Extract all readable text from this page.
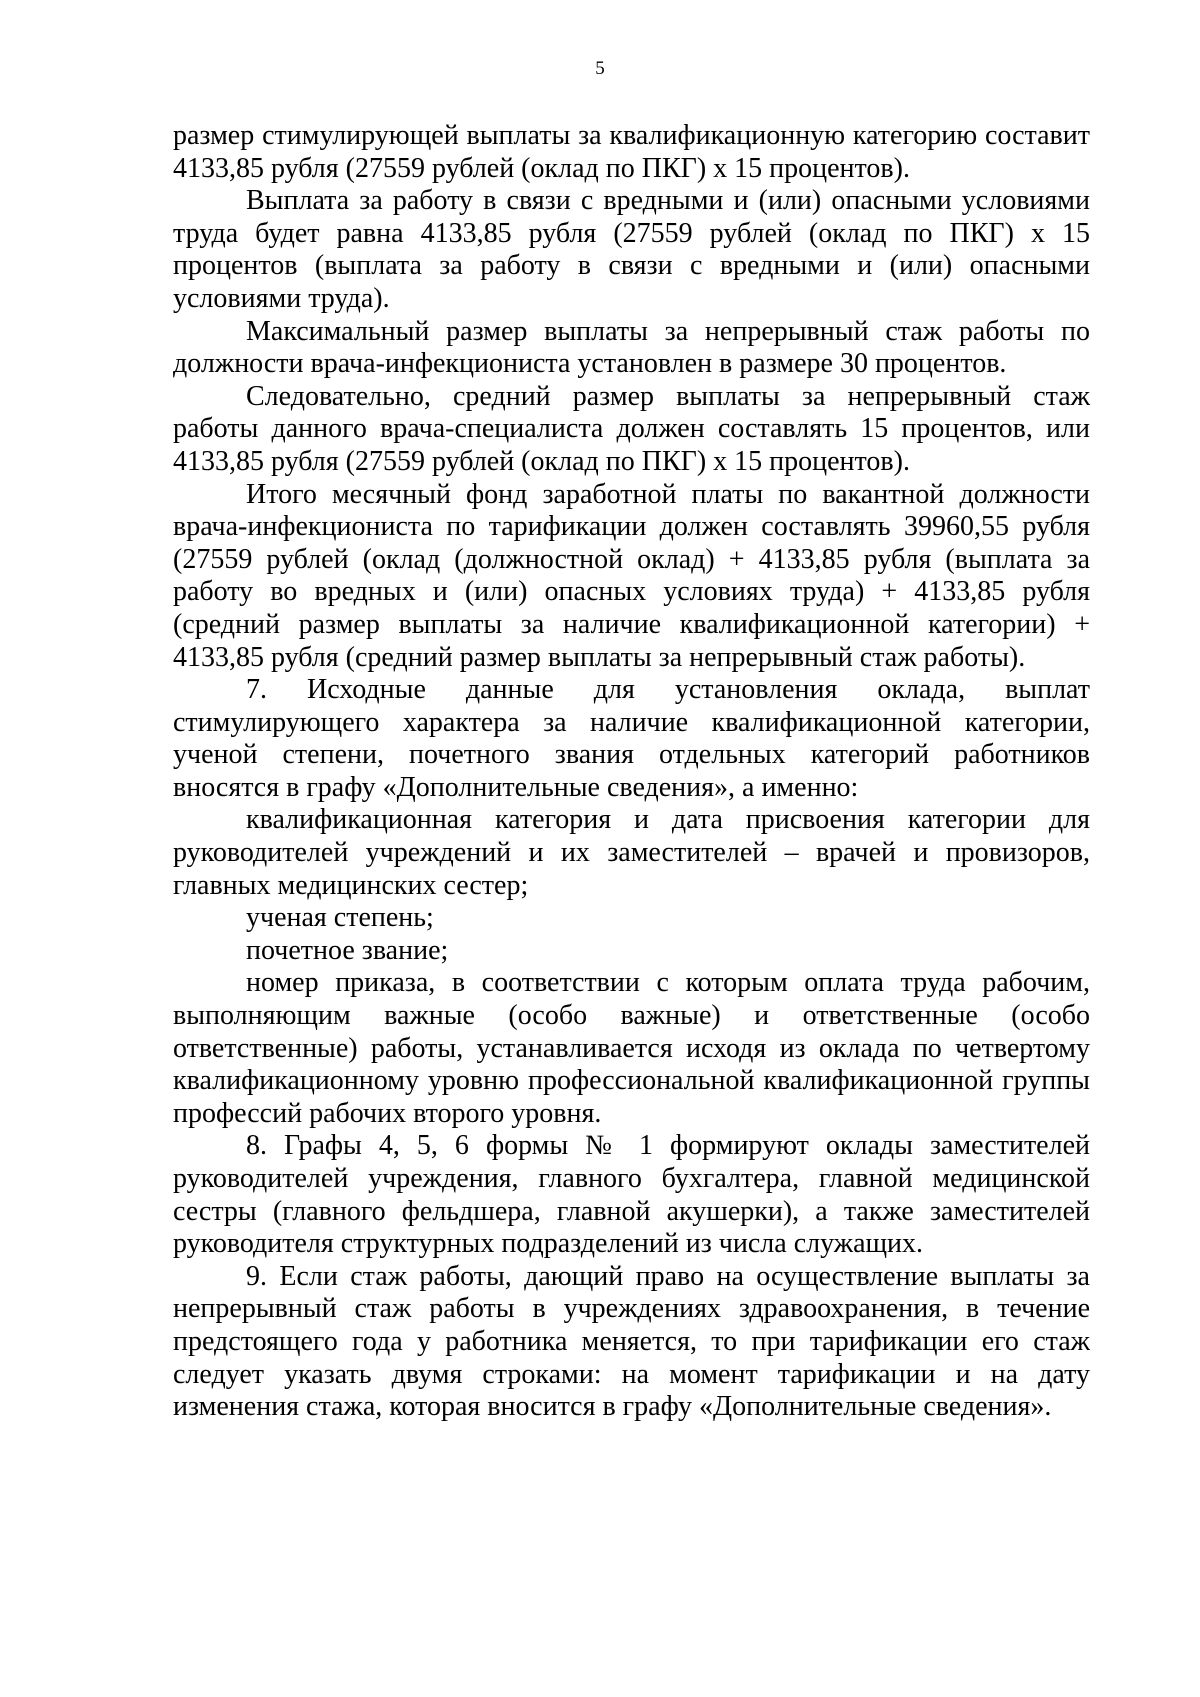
5

размер стимулирующей выплаты за квалификационную категорию составит 4133,85 рубля (27559 рублей (оклад по ПКГ) х 15 процентов).

Выплата за работу в связи с вредными и (или) опасными условиями труда будет равна 4133,85 рубля (27559 рублей (оклад по ПКГ) х 15 процентов (выплата за работу в связи с вредными и (или) опасными условиями труда).

Максимальный размер выплаты за непрерывный стаж работы по должности врача-инфекциониста установлен в размере 30 процентов.

Следовательно, средний размер выплаты за непрерывный стаж работы данного врача-специалиста должен составлять 15 процентов, или 4133,85 рубля (27559 рублей (оклад по ПКГ) х 15 процентов).

Итого месячный фонд заработной платы по вакантной должности врача-инфекциониста по тарификации должен составлять 39960,55 рубля (27559 рублей (оклад (должностной оклад) + 4133,85 рубля (выплата за работу во вредных и (или) опасных условиях труда) + 4133,85 рубля (средний размер выплаты за наличие квалификационной категории) + 4133,85 рубля (средний размер выплаты за непрерывный стаж работы).

7. Исходные данные для установления оклада, выплат стимулирующего характера за наличие квалификационной категории, ученой степени, почетного звания отдельных категорий работников вносятся в графу «Дополнительные сведения», а именно:

квалификационная категория и дата присвоения категории для руководителей учреждений и их заместителей – врачей и провизоров, главных медицинских сестер;

ученая степень;

почетное звание;

номер приказа, в соответствии с которым оплата труда рабочим, выполняющим важные (особо важные) и ответственные (особо ответственные) работы, устанавливается исходя из оклада по четвертому квалификационному уровню профессиональной квалификационной группы профессий рабочих второго уровня.

8. Графы 4, 5, 6 формы № 1 формируют оклады заместителей руководителей учреждения, главного бухгалтера, главной медицинской сестры (главного фельдшера, главной акушерки), а также заместителей руководителя структурных подразделений из числа служащих.

9. Если стаж работы, дающий право на осуществление выплаты за непрерывный стаж работы в учреждениях здравоохранения, в течение предстоящего года у работника меняется, то при тарификации его стаж следует указать двумя строками: на момент тарификации и на дату изменения стажа, которая вносится в графу «Дополнительные сведения».
